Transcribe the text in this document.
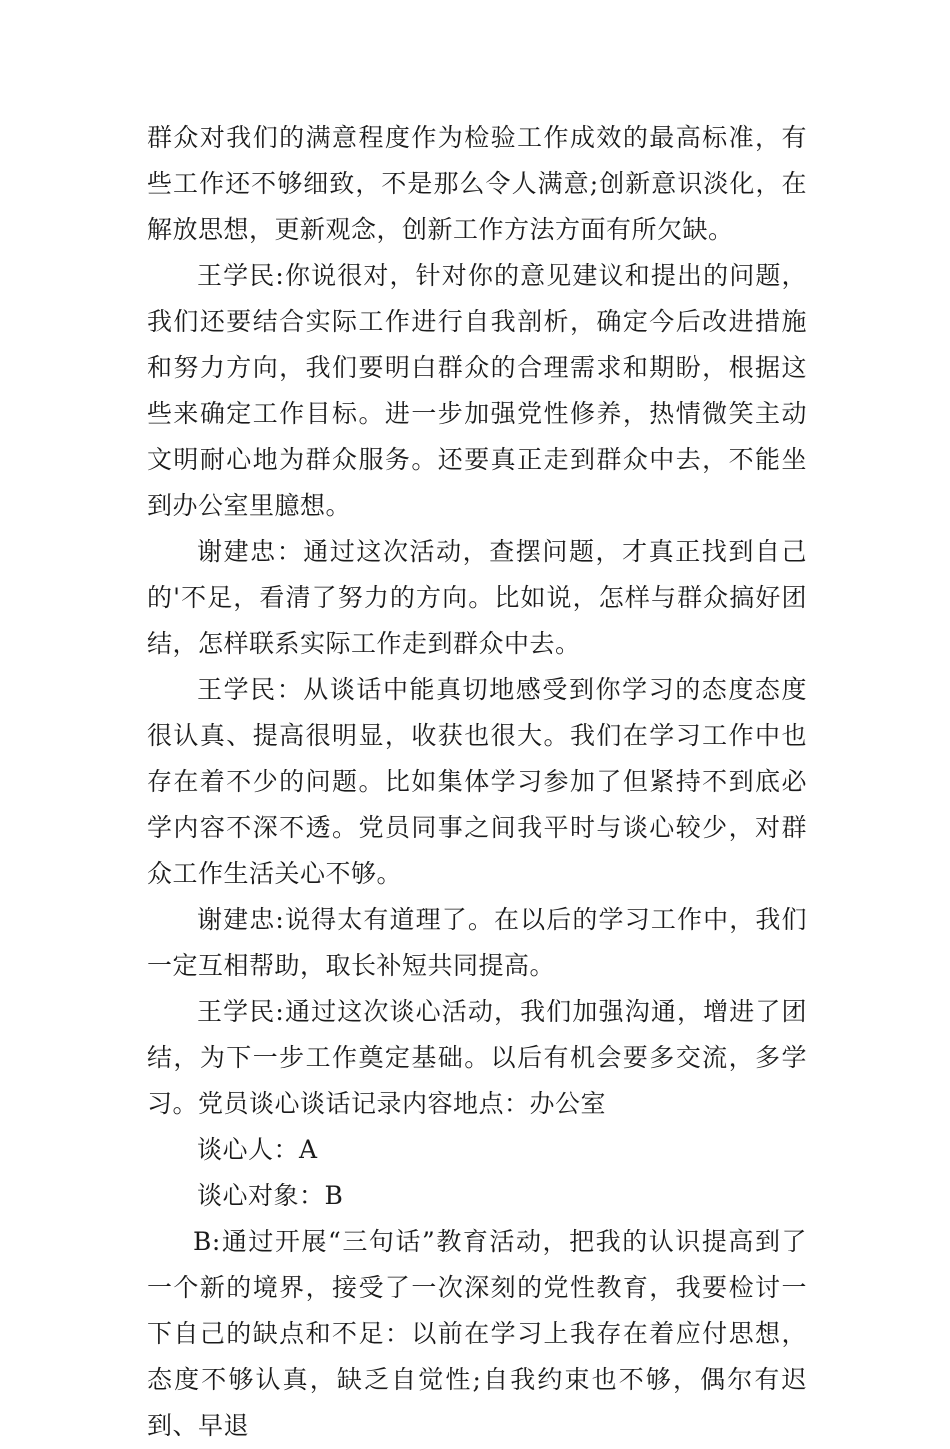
群众对我们的满意程度作为检验工作成效的最高标准，有些工作还不够细致，不是那么令人满意;创新意识淡化，在解放思想，更新观念，创新工作方法方面有所欠缺。

王学民:你说很对，针对你的意见建议和提出的问题，我们还要结合实际工作进行自我剖析，确定今后改进措施和努力方向，我们要明白群众的合理需求和期盼，根据这些来确定工作目标。进一步加强党性修养，热情微笑主动文明耐心地为群众服务。还要真正走到群众中去，不能坐到办公室里臆想。

谢建忠：通过这次活动，查摆问题，才真正找到自己的'不足，看清了努力的方向。比如说，怎样与群众搞好团结，怎样联系实际工作走到群众中去。

王学民：从谈话中能真切地感受到你学习的态度态度很认真、提高很明显，收获也很大。我们在学习工作中也存在着不少的问题。比如集体学习参加了但紧持不到底必学内容不深不透。党员同事之间我平时与谈心较少，对群众工作生活关心不够。

谢建忠:说得太有道理了。在以后的学习工作中，我们一定互相帮助，取长补短共同提高。

王学民:通过这次谈心活动，我们加强沟通，增进了团结，为下一步工作奠定基础。以后有机会要多交流，多学习。党员谈心谈话记录内容地点：办公室

谈心人：A

谈心对象：B

B:通过开展“三句话”教育活动，把我的认识提高到了一个新的境界，接受了一次深刻的党性教育，我要检讨一下自己的缺点和不足：以前在学习上我存在着应付思想，态度不够认真，缺乏自觉性;自我约束也不够，偶尔有迟到、早退
